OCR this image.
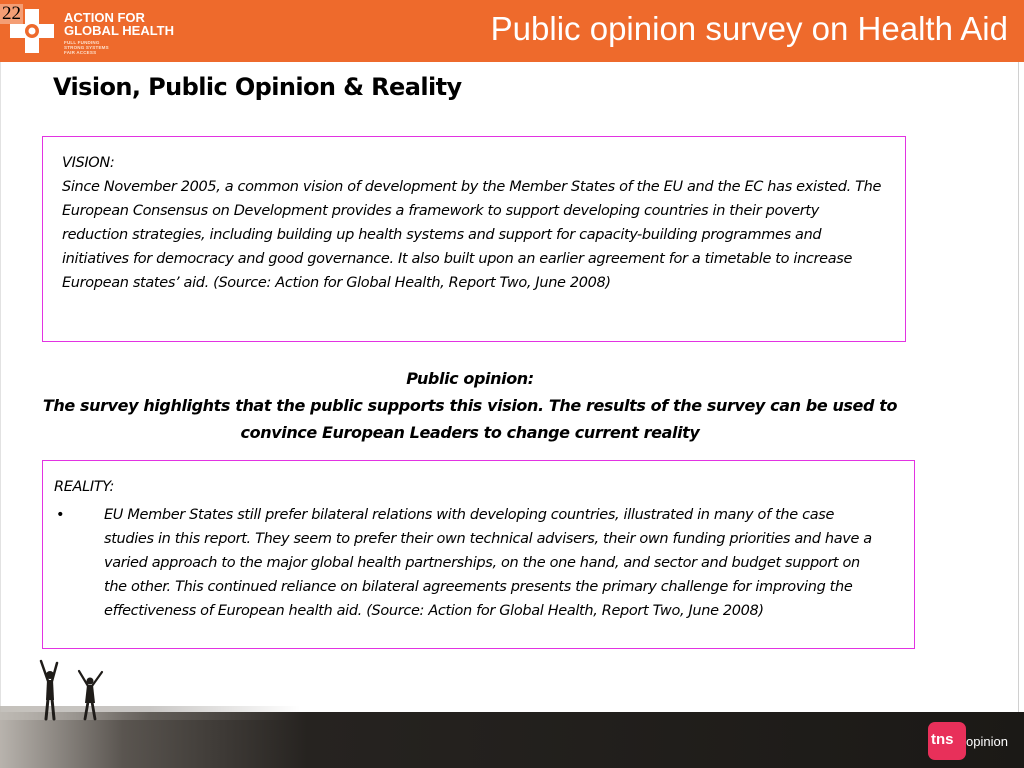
ACTION FOR
GLOBAL HEALTH
FULL FUNDING
STRONG SYSTEMS
FAIR ACCESS
Public opinion survey on Health Aid
22
Vision, Public Opinion & Reality

VISION:

Since November 2005, a common vision of development by the Member States of the EU and the EC has existed. The European Consensus on Development provides a framework to support developing countries in their poverty reduction strategies, including building up health systems and support for capacity-building programmes and initiatives for democracy and good governance. It also built upon an earlier agreement for a timetable to increase European states’ aid. (Source: Action for Global Health, Report Two, June 2008)

Public opinion:
The survey highlights that the public supports this vision. The results of the survey can be used to convince European Leaders to change current reality

REALITY:

•	EU Member States still prefer bilateral relations with developing countries, illustrated in many of the case studies in this report. They seem to prefer their own technical advisers, their own funding priorities and have a varied approach to the major global health partnerships, on the one hand, and sector and budget support on the other. This continued reliance on bilateral agreements presents the primary challenge for improving the effectiveness of European health aid. (Source: Action for Global Health, Report Two, June 2008)
tns opinion
